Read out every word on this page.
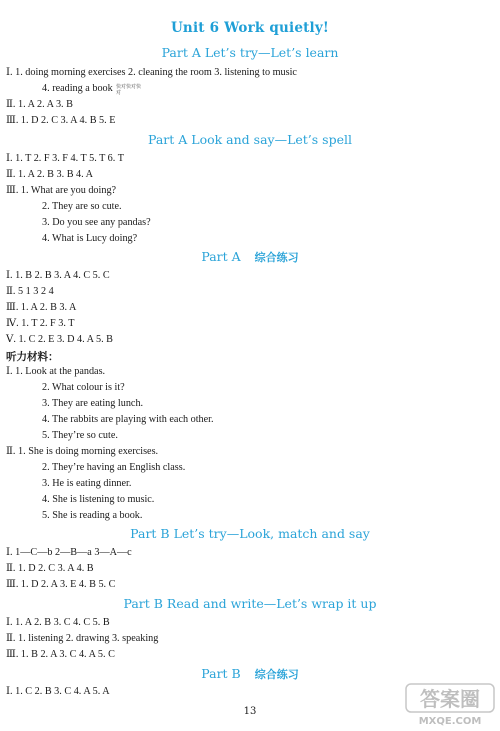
Unit 6 Work quietly!
Part A Let’s try—Let’s learn
Ⅰ. 1. doing morning exercises 2. cleaning the room 3. listening to music
4. reading a book 快对快对快对
Ⅱ. 1. A 2. A 3. B
Ⅲ. 1. D 2. C 3. A 4. B 5. E
Part A Look and say—Let’s spell
Ⅰ. 1. T 2. F 3. F 4. T 5. T 6. T
Ⅱ. 1. A 2. B 3. B 4. A
Ⅲ. 1. What are you doing?
2. They are so cute.
3. Do you see any pandas?
4. What is Lucy doing?
Part A 综合练习
Ⅰ. 1. B 2. B 3. A 4. C 5. C
Ⅱ. 5 1 3 2 4
Ⅲ. 1. A 2. B 3. A
Ⅳ. 1. T 2. F 3. T
Ⅴ. 1. C 2. E 3. D 4. A 5. B
听力材料：
Ⅰ. 1. Look at the pandas.
2. What colour is it?
3. They are eating lunch.
4. The rabbits are playing with each other.
5. They’re so cute.
Ⅱ. 1. She is doing morning exercises.
2. They’re having an English class.
3. He is eating dinner.
4. She is listening to music.
5. She is reading a book.
Part B Let’s try—Look, match and say
Ⅰ. 1—C—b 2—B—a 3—A—c
Ⅱ. 1. D 2. C 3. A 4. B
Ⅲ. 1. D 2. A 3. E 4. B 5. C
Part B Read and write—Let’s wrap it up
Ⅰ. 1. A 2. B 3. C 4. C 5. B
Ⅱ. 1. listening 2. drawing 3. speaking
Ⅲ. 1. B 2. A 3. C 4. A 5. C
Part B 综合练习
Ⅰ. 1. C 2. B 3. C 4. A 5. A
13
答案圈
MXQE.COM
